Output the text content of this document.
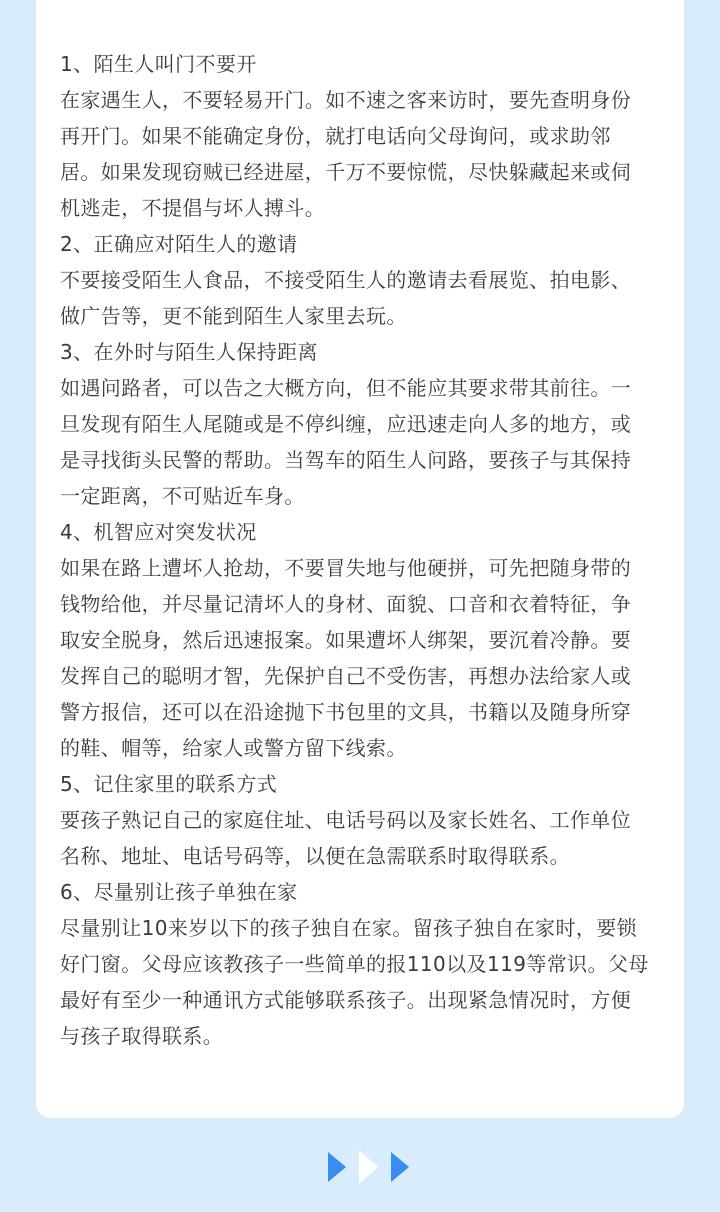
1、陌生人叫门不要开
在家遇生人，不要轻易开门。如不速之客来访时，要先查明身份
再开门。如果不能确定身份，就打电话向父母询问，或求助邻
居。如果发现窃贼已经进屋，千万不要惊慌，尽快躲藏起来或伺
机逃走，不提倡与坏人搏斗。
2、正确应对陌生人的邀请
不要接受陌生人食品，不接受陌生人的邀请去看展览、拍电影、
做广告等，更不能到陌生人家里去玩。
3、在外时与陌生人保持距离
如遇问路者，可以告之大概方向，但不能应其要求带其前往。一
旦发现有陌生人尾随或是不停纠缠，应迅速走向人多的地方，或
是寻找街头民警的帮助。当驾车的陌生人问路，要孩子与其保持
一定距离，不可贴近车身。
4、机智应对突发状况
如果在路上遭坏人抢劫，不要冒失地与他硬拼，可先把随身带的
钱物给他，并尽量记清坏人的身材、面貌、口音和衣着特征，争
取安全脱身，然后迅速报案。如果遭坏人绑架，要沉着冷静。要
发挥自己的聪明才智，先保护自己不受伤害，再想办法给家人或
警方报信，还可以在沿途抛下书包里的文具，书籍以及随身所穿
的鞋、帽等，给家人或警方留下线索。
5、记住家里的联系方式
要孩子熟记自己的家庭住址、电话号码以及家长姓名、工作单位
名称、地址、电话号码等，以便在急需联系时取得联系。
6、尽量别让孩子单独在家
尽量别让10来岁以下的孩子独自在家。留孩子独自在家时，要锁
好门窗。父母应该教孩子一些简单的报110以及119等常识。父母
最好有至少一种通讯方式能够联系孩子。出现紧急情况时，方便
与孩子取得联系。
